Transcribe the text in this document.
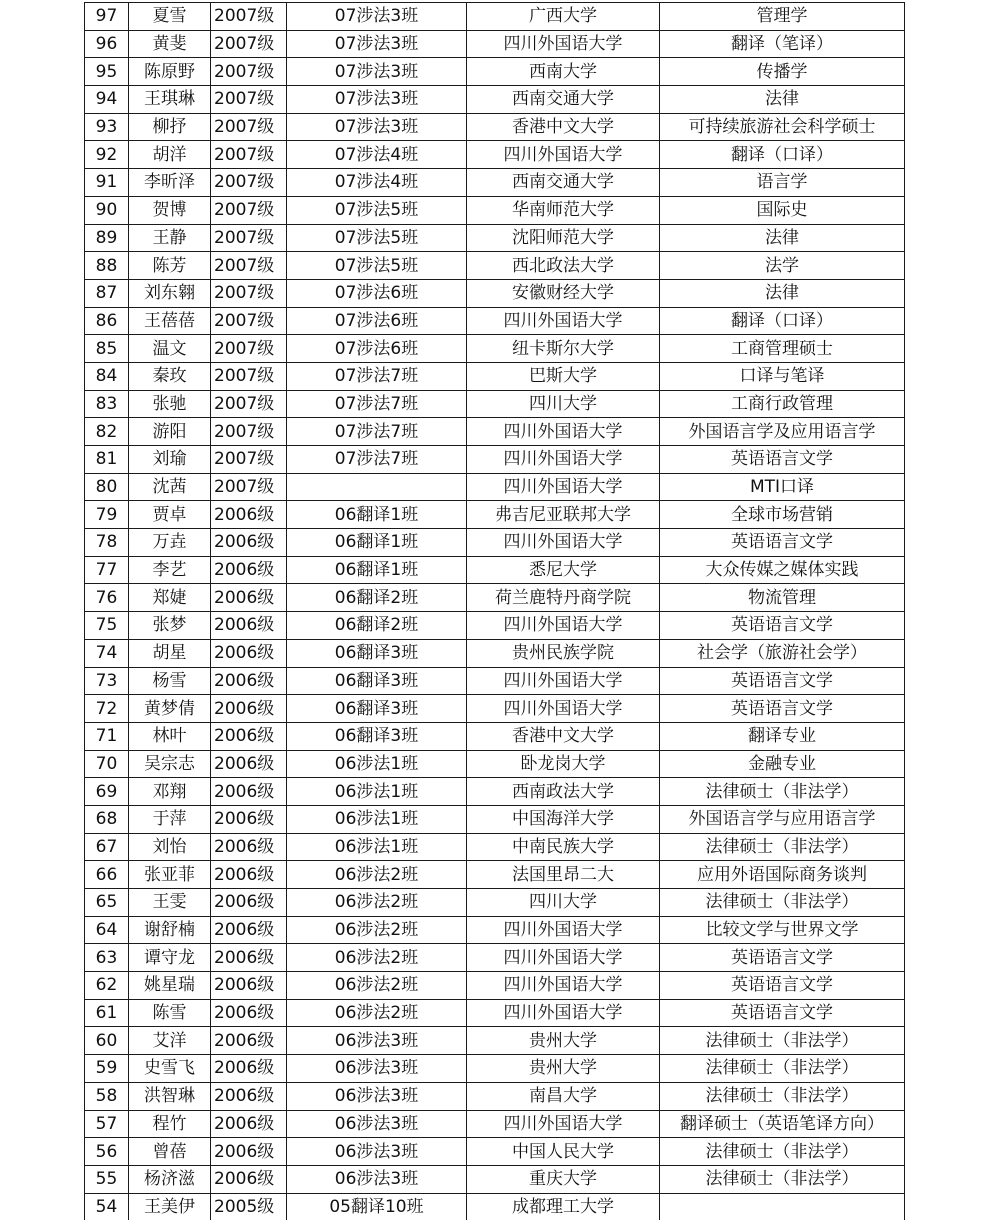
97	夏雪	2007级	07涉法3班	广西大学	管理学
96	黄斐	2007级	07涉法3班	四川外国语大学	翻译（笔译）
95	陈原野	2007级	07涉法3班	西南大学	传播学
94	王琪琳	2007级	07涉法3班	西南交通大学	法律
93	柳抒	2007级	07涉法3班	香港中文大学	可持续旅游社会科学硕士
92	胡洋	2007级	07涉法4班	四川外国语大学	翻译（口译）
91	李昕泽	2007级	07涉法4班	西南交通大学	语言学
90	贺博	2007级	07涉法5班	华南师范大学	国际史
89	王静	2007级	07涉法5班	沈阳师范大学	法律
88	陈芳	2007级	07涉法5班	西北政法大学	法学
87	刘东翱	2007级	07涉法6班	安徽财经大学	法律
86	王蓓蓓	2007级	07涉法6班	四川外国语大学	翻译（口译）
85	温文	2007级	07涉法6班	纽卡斯尔大学	工商管理硕士
84	秦玫	2007级	07涉法7班	巴斯大学	口译与笔译
83	张驰	2007级	07涉法7班	四川大学	工商行政管理
82	游阳	2007级	07涉法7班	四川外国语大学	外国语言学及应用语言学
81	刘瑜	2007级	07涉法7班	四川外国语大学	英语语言文学
80	沈茜	2007级		四川外国语大学	MTI口译
79	贾卓	2006级	06翻译1班	弗吉尼亚联邦大学	全球市场营销
78	万垚	2006级	06翻译1班	四川外国语大学	英语语言文学
77	李艺	2006级	06翻译1班	悉尼大学	大众传媒之媒体实践
76	郑婕	2006级	06翻译2班	荷兰鹿特丹商学院	物流管理
75	张梦	2006级	06翻译2班	四川外国语大学	英语语言文学
74	胡星	2006级	06翻译3班	贵州民族学院	社会学（旅游社会学）
73	杨雪	2006级	06翻译3班	四川外国语大学	英语语言文学
72	黄梦倩	2006级	06翻译3班	四川外国语大学	英语语言文学
71	林叶	2006级	06翻译3班	香港中文大学	翻译专业
70	吴宗志	2006级	06涉法1班	卧龙岗大学	金融专业
69	邓翔	2006级	06涉法1班	西南政法大学	法律硕士（非法学）
68	于萍	2006级	06涉法1班	中国海洋大学	外国语言学与应用语言学
67	刘怡	2006级	06涉法1班	中南民族大学	法律硕士（非法学）
66	张亚菲	2006级	06涉法2班	法国里昂二大	应用外语国际商务谈判
65	王雯	2006级	06涉法2班	四川大学	法律硕士（非法学）
64	谢舒楠	2006级	06涉法2班	四川外国语大学	比较文学与世界文学
63	谭守龙	2006级	06涉法2班	四川外国语大学	英语语言文学
62	姚星瑞	2006级	06涉法2班	四川外国语大学	英语语言文学
61	陈雪	2006级	06涉法2班	四川外国语大学	英语语言文学
60	艾洋	2006级	06涉法3班	贵州大学	法律硕士（非法学）
59	史雪飞	2006级	06涉法3班	贵州大学	法律硕士（非法学）
58	洪智琳	2006级	06涉法3班	南昌大学	法律硕士（非法学）
57	程竹	2006级	06涉法3班	四川外国语大学	翻译硕士（英语笔译方向）
56	曾蓓	2006级	06涉法3班	中国人民大学	法律硕士（非法学）
55	杨济滋	2006级	06涉法3班	重庆大学	法律硕士（非法学）
54	王美伊	2005级	05翻译10班	成都理工大学	
